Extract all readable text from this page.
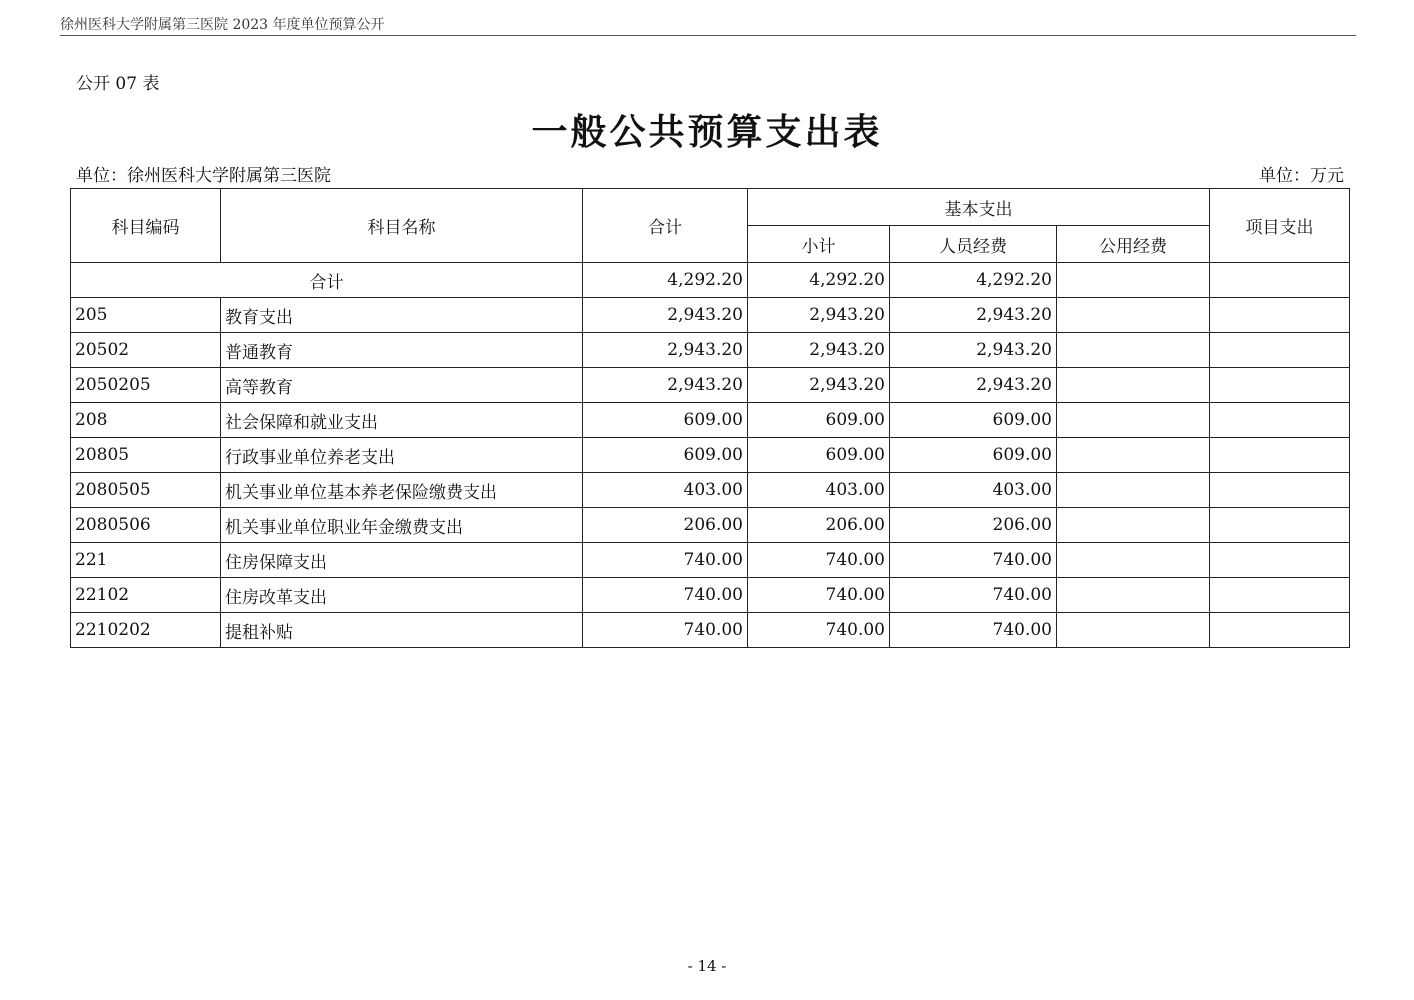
徐州医科大学附属第三医院 2023 年度单位预算公开
公开 07 表
一般公共预算支出表
单位：徐州医科大学附属第三医院	单位：万元
科目编码	科目名称	合计	基本支出			项目支出
			小计	人员经费	公用经费	
合计		4,292.20	4,292.20	4,292.20		
205	教育支出	2,943.20	2,943.20	2,943.20		
20502	普通教育	2,943.20	2,943.20	2,943.20		
2050205	高等教育	2,943.20	2,943.20	2,943.20		
208	社会保障和就业支出	609.00	609.00	609.00		
20805	行政事业单位养老支出	609.00	609.00	609.00		
2080505	机关事业单位基本养老保险缴费支出	403.00	403.00	403.00		
2080506	机关事业单位职业年金缴费支出	206.00	206.00	206.00		
221	住房保障支出	740.00	740.00	740.00		
22102	住房改革支出	740.00	740.00	740.00		
2210202	提租补贴	740.00	740.00	740.00		
- 14 -
